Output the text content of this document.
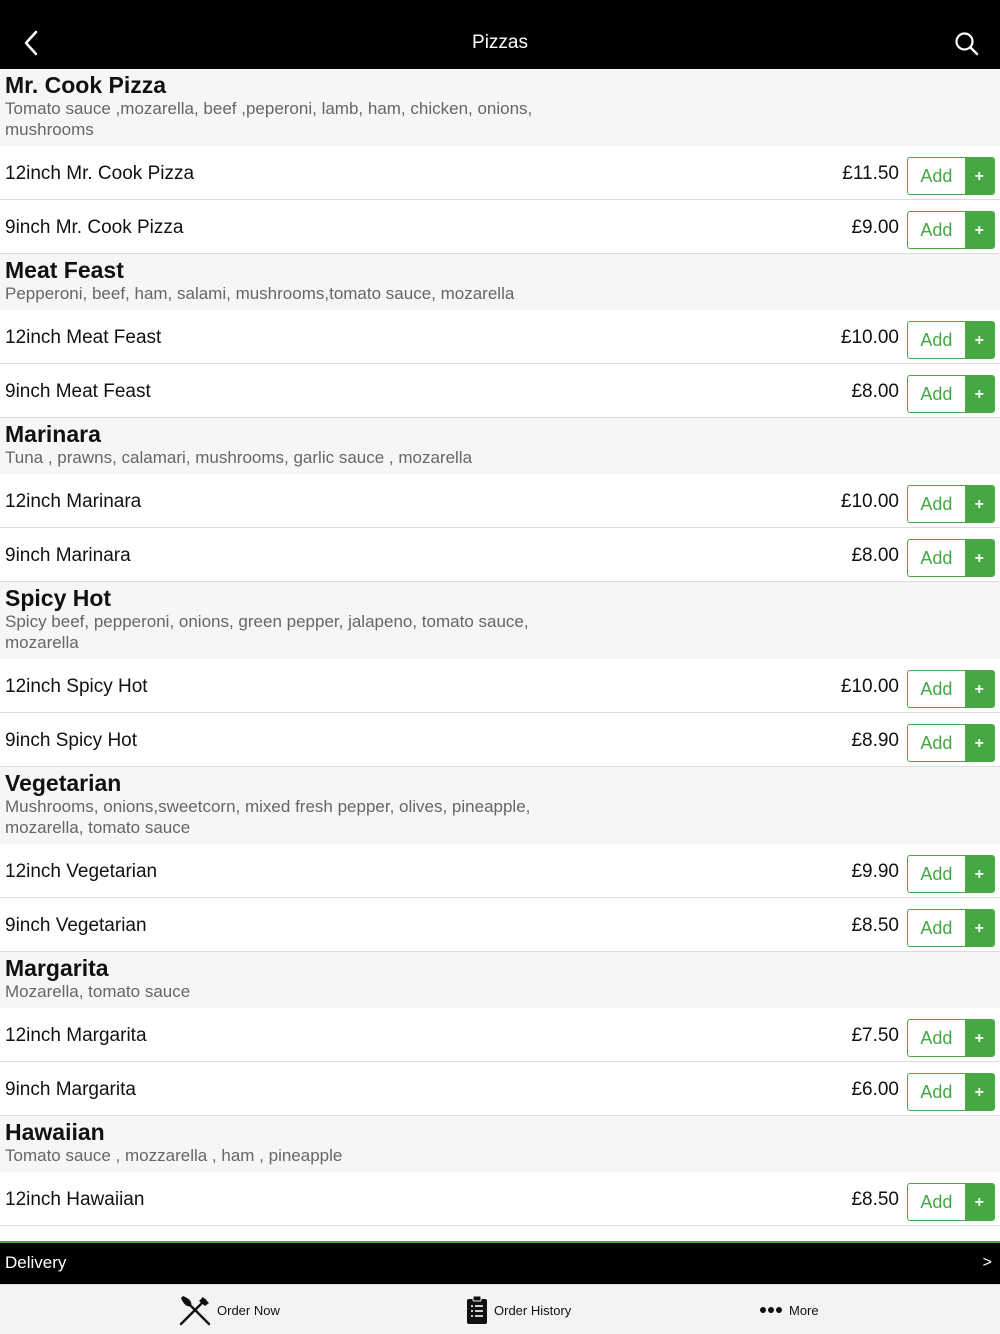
Pizzas
Mr. Cook Pizza
Tomato sauce ,mozarella, beef ,peperoni, lamb, ham, chicken, onions, mushrooms
12inch Mr. Cook Pizza	£11.50	Add	+
9inch Mr. Cook Pizza	£9.00	Add	+
Meat Feast
Pepperoni, beef, ham, salami, mushrooms,tomato sauce, mozarella
12inch Meat Feast	£10.00	Add	+
9inch Meat Feast	£8.00	Add	+
Marinara
Tuna , prawns, calamari, mushrooms, garlic sauce , mozarella
12inch Marinara	£10.00	Add	+
9inch Marinara	£8.00	Add	+
Spicy Hot
Spicy beef, pepperoni, onions, green pepper, jalapeno, tomato sauce, mozarella
12inch Spicy Hot	£10.00	Add	+
9inch Spicy Hot	£8.90	Add	+
Vegetarian
Mushrooms, onions,sweetcorn, mixed fresh pepper, olives, pineapple, mozarella, tomato sauce
12inch Vegetarian	£9.90	Add	+
9inch Vegetarian	£8.50	Add	+
Margarita
Mozarella, tomato sauce
12inch Margarita	£7.50	Add	+
9inch Margarita	£6.00	Add	+
Hawaiian
Tomato sauce , mozzarella , ham , pineapple
12inch Hawaiian	£8.50	Add	+
Delivery	>
Order Now	Order History	More
